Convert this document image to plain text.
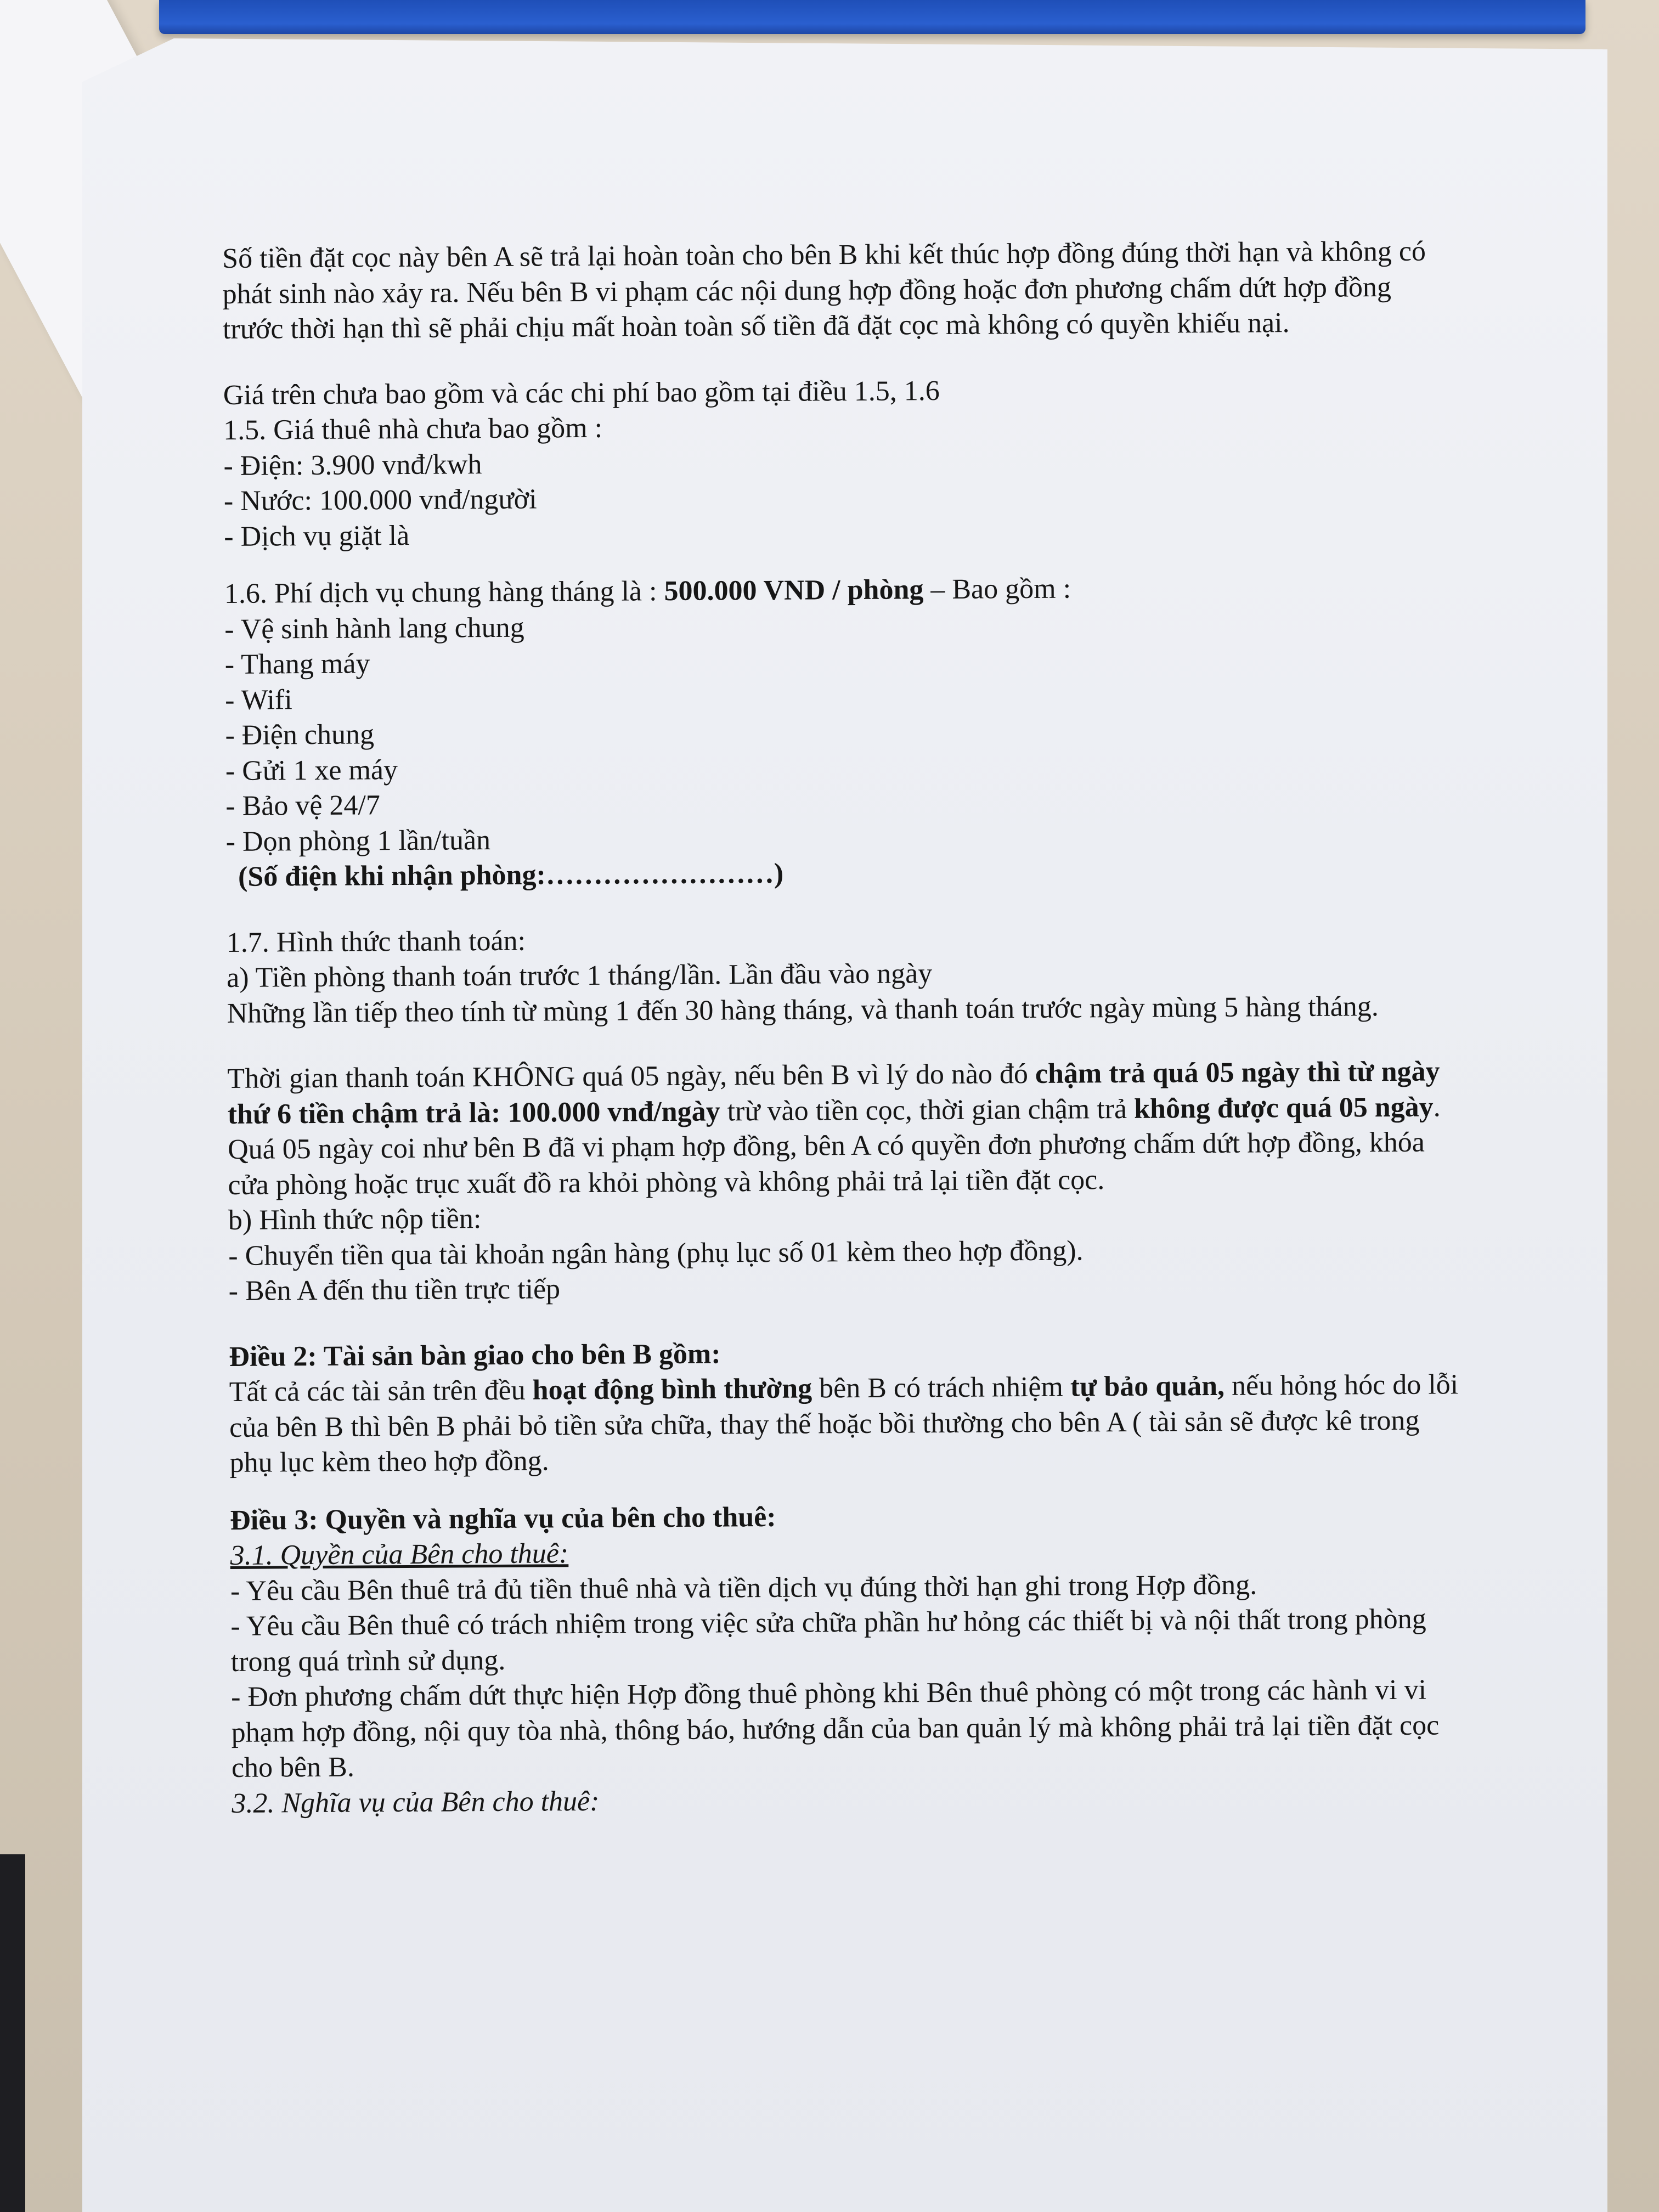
Số tiền đặt cọc này bên A sẽ trả lại hoàn toàn cho bên B khi kết thúc hợp đồng đúng thời hạn và không có phát sinh nào xảy ra. Nếu bên B vi phạm các nội dung hợp đồng hoặc đơn phương chấm dứt hợp đồng trước thời hạn thì sẽ phải chịu mất hoàn toàn số tiền đã đặt cọc mà không có quyền khiếu nại.

Giá trên chưa bao gồm và các chi phí bao gồm tại điều 1.5, 1.6

1.5. Giá thuê nhà chưa bao gồm :

- Điện: 3.900 vnđ/kwh

- Nước: 100.000 vnđ/người

- Dịch vụ giặt là

1.6. Phí dịch vụ chung hàng tháng là : 500.000 VND / phòng – Bao gồm :

- Vệ sinh hành lang chung

- Thang máy

- Wifi

- Điện chung

- Gửi 1 xe máy

- Bảo vệ 24/7

- Dọn phòng 1 lần/tuần

(Số điện khi nhận phòng:……………………)

1.7. Hình thức thanh toán:

a) Tiền phòng thanh toán trước 1 tháng/lần. Lần đầu vào ngày

Những lần tiếp theo tính từ mùng 1 đến 30 hàng tháng, và thanh toán trước ngày mùng 5 hàng tháng.

Thời gian thanh toán KHÔNG quá 05 ngày, nếu bên B vì lý do nào đó chậm trả quá 05 ngày thì từ ngày thứ 6 tiền chậm trả là: 100.000 vnđ/ngày trừ vào tiền cọc, thời gian chậm trả không được quá 05 ngày. Quá 05 ngày coi như bên B đã vi phạm hợp đồng, bên A có quyền đơn phương chấm dứt hợp đồng, khóa cửa phòng hoặc trục xuất đồ ra khỏi phòng và không phải trả lại tiền đặt cọc.

b) Hình thức nộp tiền:

- Chuyển tiền qua tài khoản ngân hàng (phụ lục số 01 kèm theo hợp đồng).

- Bên A đến thu tiền trực tiếp

Điều 2: Tài sản bàn giao cho bên B gồm:

Tất cả các tài sản trên đều hoạt động bình thường bên B có trách nhiệm tự bảo quản, nếu hỏng hóc do lỗi của bên B thì bên B phải bỏ tiền sửa chữa, thay thế hoặc bồi thường cho bên A ( tài sản sẽ được kê trong phụ lục kèm theo hợp đồng.

Điều 3: Quyền và nghĩa vụ của bên cho thuê:

3.1. Quyền của Bên cho thuê:

- Yêu cầu Bên thuê trả đủ tiền thuê nhà và tiền dịch vụ đúng thời hạn ghi trong Hợp đồng.

- Yêu cầu Bên thuê có trách nhiệm trong việc sửa chữa phần hư hỏng các thiết bị và nội thất trong phòng trong quá trình sử dụng.

- Đơn phương chấm dứt thực hiện Hợp đồng thuê phòng khi Bên thuê phòng có một trong các hành vi vi phạm hợp đồng, nội quy tòa nhà, thông báo, hướng dẫn của ban quản lý mà không phải trả lại tiền đặt cọc cho bên B.

3.2. Nghĩa vụ của Bên cho thuê:
